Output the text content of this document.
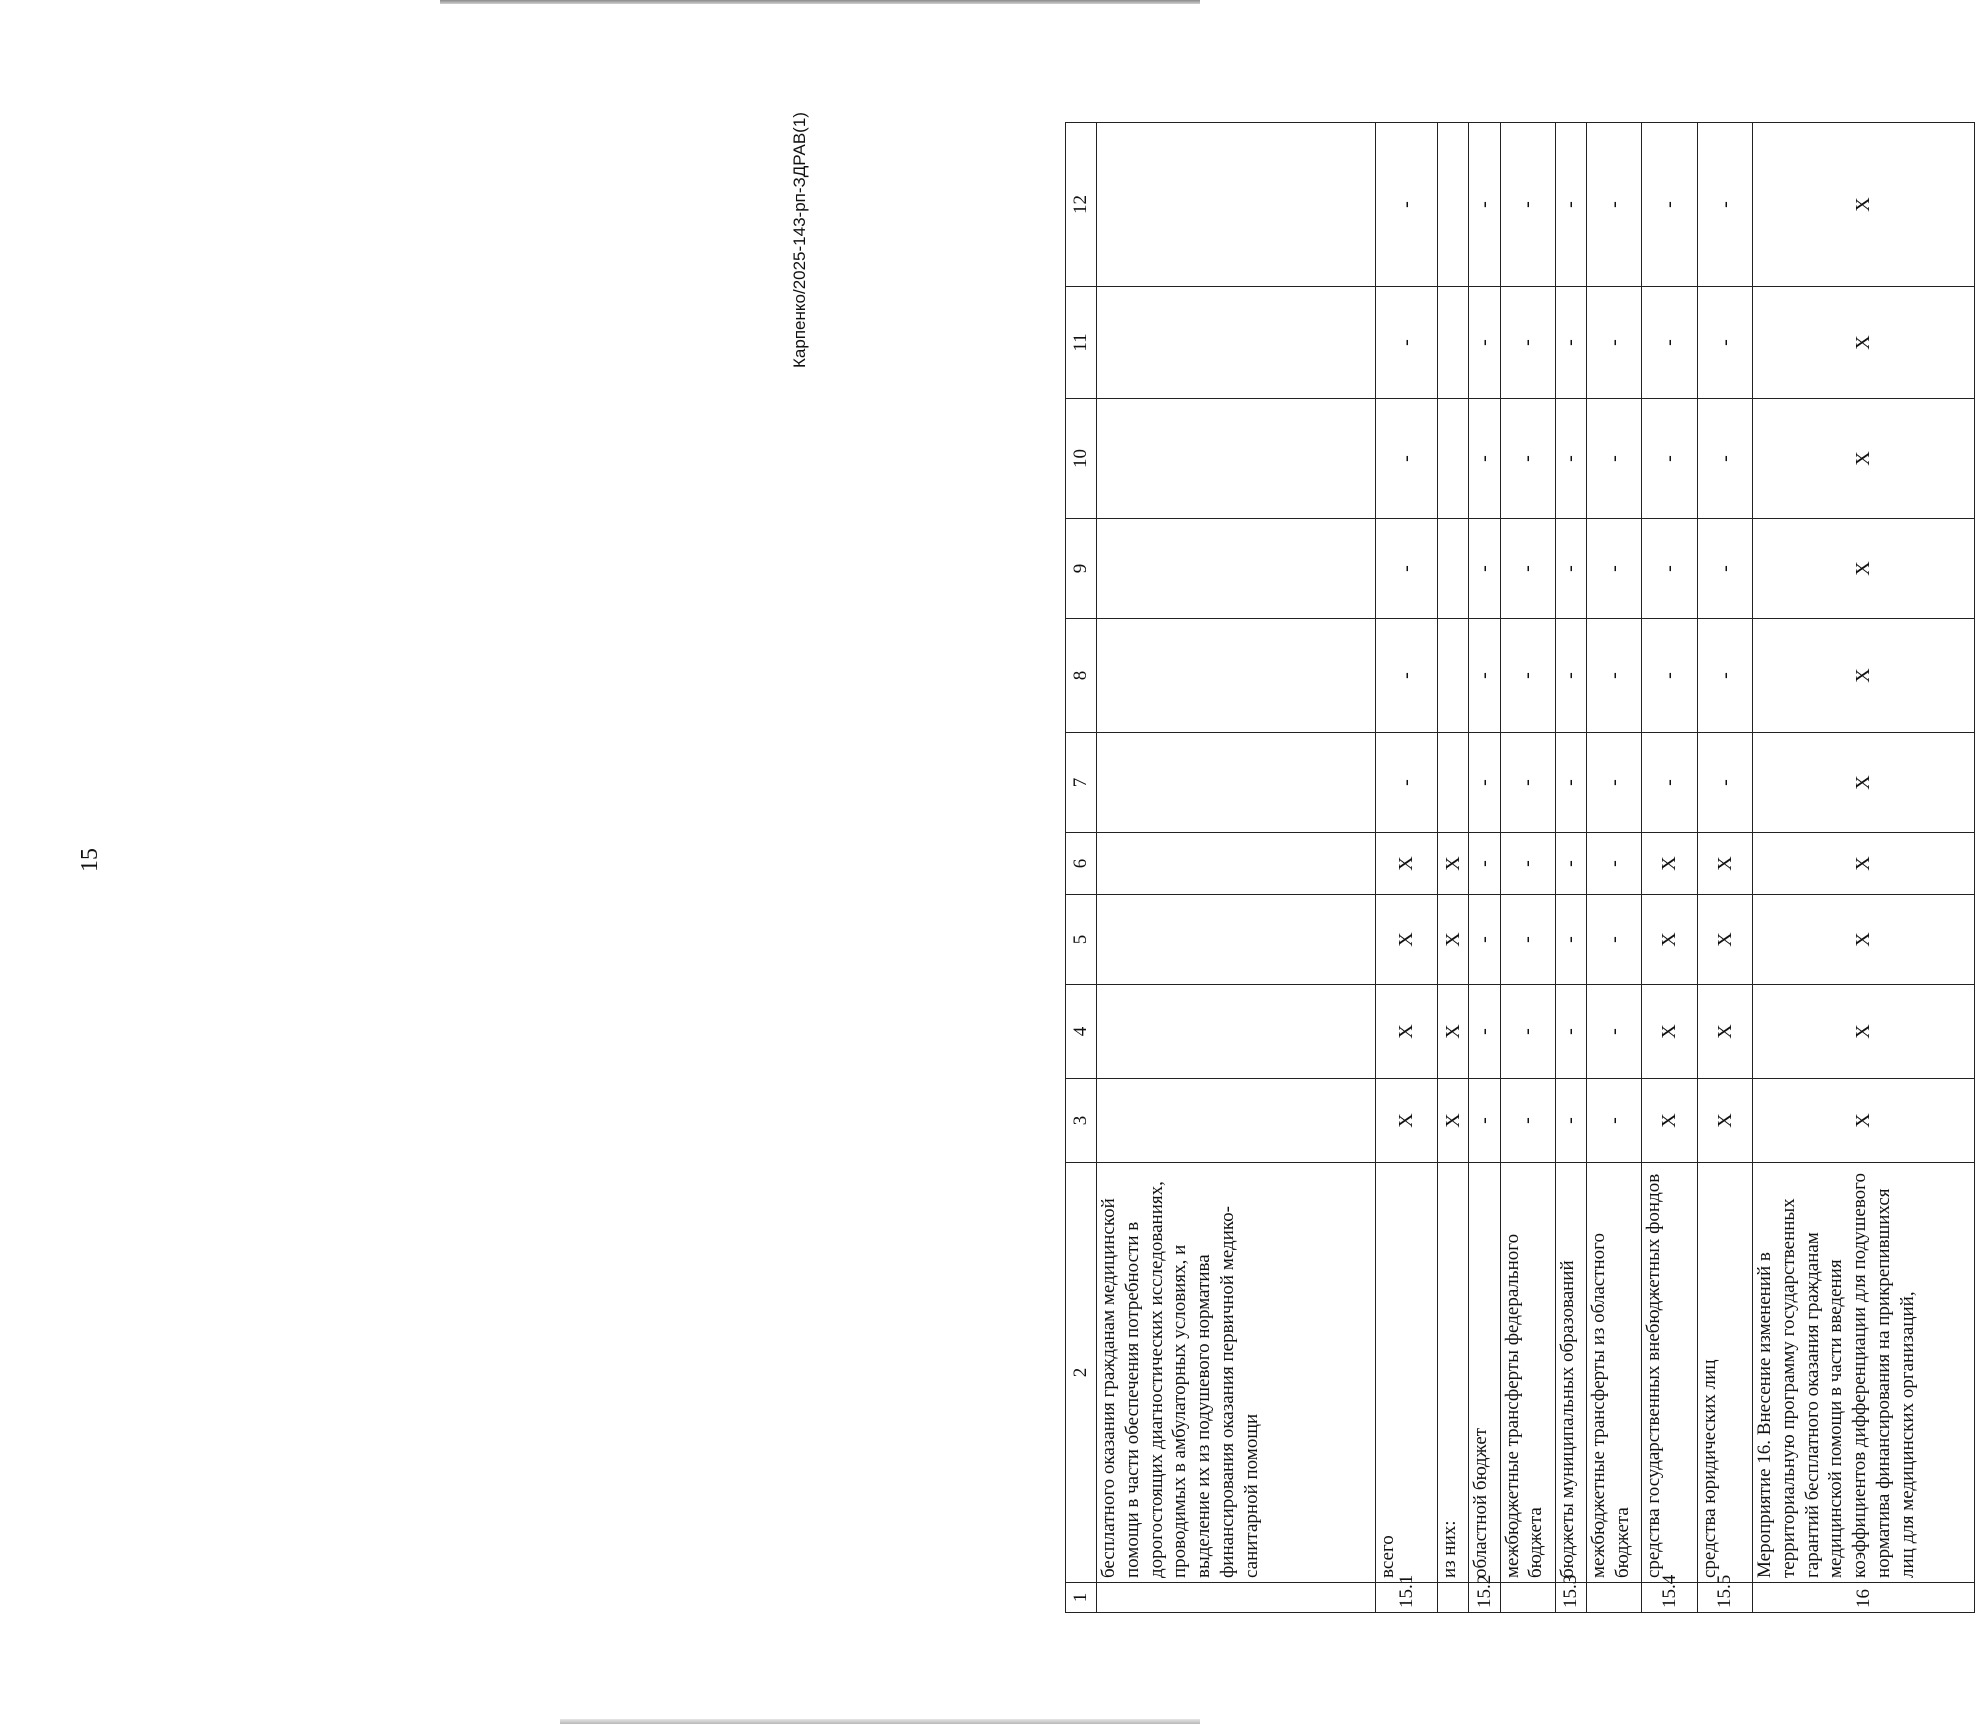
15
Карпенко/2025-143-рп-ЗДРАВ(1)
1	2	3	4	5	6	7	8	9	10	11	12
	бесплатного оказания гражданам медицинской помощи в части обеспечения потребности в дорогостоящих диагностических исследованиях, проводимых в амбулаторных условиях, и выделение их из подушевого норматива финансирования оказания первичной медико-санитарной помощи										
15.1	всего	X	X	X	X	-	-	-	-	-	-
	из них:	X	X	X	X						
15.2	областной бюджет	-	-	-	-	-	-	-	-	-	-
	межбюджетные трансферты федерального бюджета	-	-	-	-	-	-	-	-	-	-
15.3	бюджеты муниципальных образований	-	-	-	-	-	-	-	-	-	-
	межбюджетные трансферты из областного бюджета	-	-	-	-	-	-	-	-	-	-
15.4	средства государственных внебюджетных фондов	X	X	X	X	-	-	-	-	-	-
15.5	средства юридических лиц	X	X	X	X	-	-	-	-	-	-
16	Мероприятие 16. Внесение изменений в территориальную программу государственных гарантий бесплатного оказания гражданам медицинской помощи в части введения коэффициентов дифференциации для подушевого норматива финансирования на прикрепившихся лиц для медицинских организаций,	X	X	X	X	X	X	X	X	X	X
